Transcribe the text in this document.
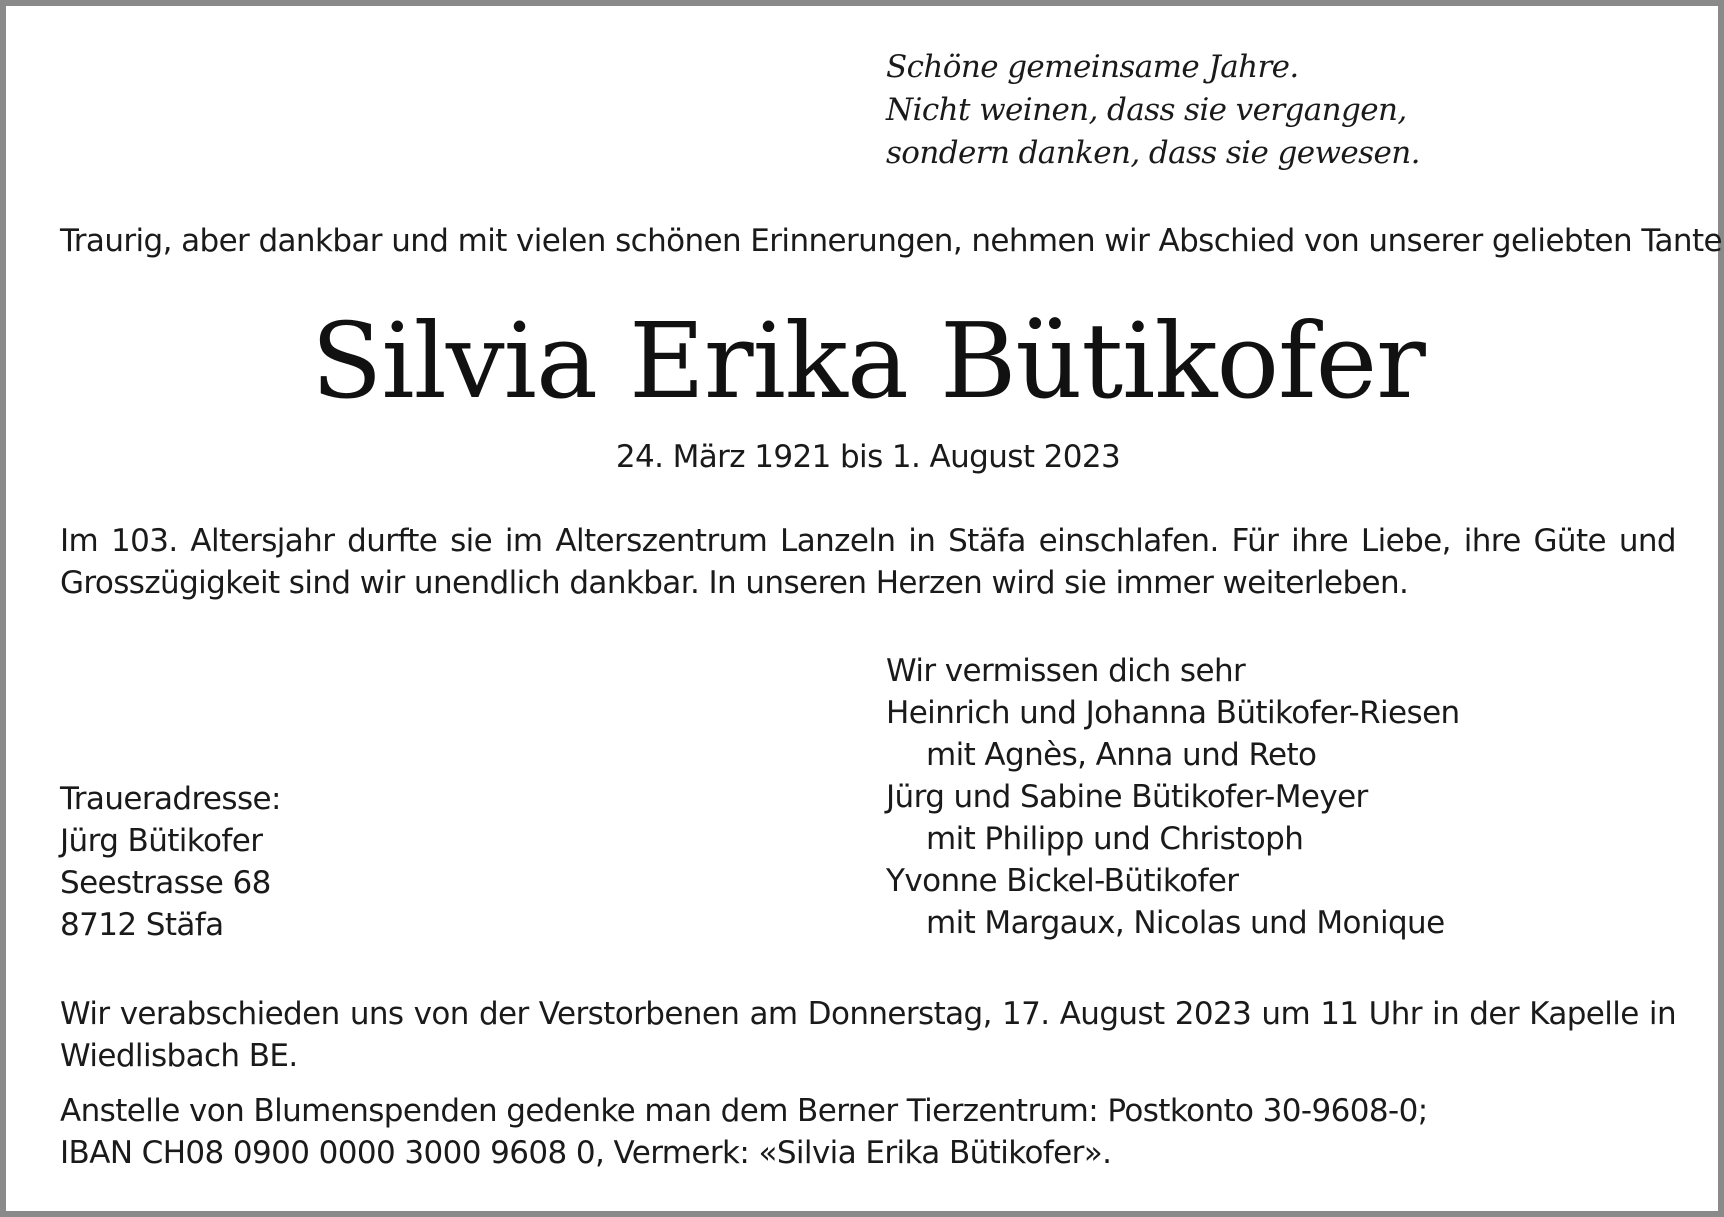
Schöne gemeinsame Jahre.
Nicht weinen, dass sie vergangen,
sondern danken, dass sie gewesen.
Traurig, aber dankbar und mit vielen schönen Erinnerungen, nehmen wir Abschied von unserer geliebten Tante
Silvia Erika Bütikofer
24. März 1921 bis 1. August 2023
Im 103. Altersjahr durfte sie im Alterszentrum Lanzeln in Stäfa einschlafen. Für ihre Liebe, ihre Güte und Grosszügigkeit sind wir unendlich dankbar. In unseren Herzen wird sie immer weiterleben.
Wir vermissen dich sehr
Heinrich und Johanna Bütikofer-Riesen
mit Agnès, Anna und Reto
Jürg und Sabine Bütikofer-Meyer
mit Philipp und Christoph
Yvonne Bickel-Bütikofer
mit Margaux, Nicolas und Monique
Traueradresse:
Jürg Bütikofer
Seestrasse 68
8712 Stäfa
Wir verabschieden uns von der Verstorbenen am Donnerstag, 17. August 2023 um 11 Uhr in der Kapelle in Wiedlisbach BE.
Anstelle von Blumenspenden gedenke man dem Berner Tierzentrum: Postkonto 30-9608-0;
IBAN CH08 0900 0000 3000 9608 0, Vermerk: «Silvia Erika Bütikofer».
